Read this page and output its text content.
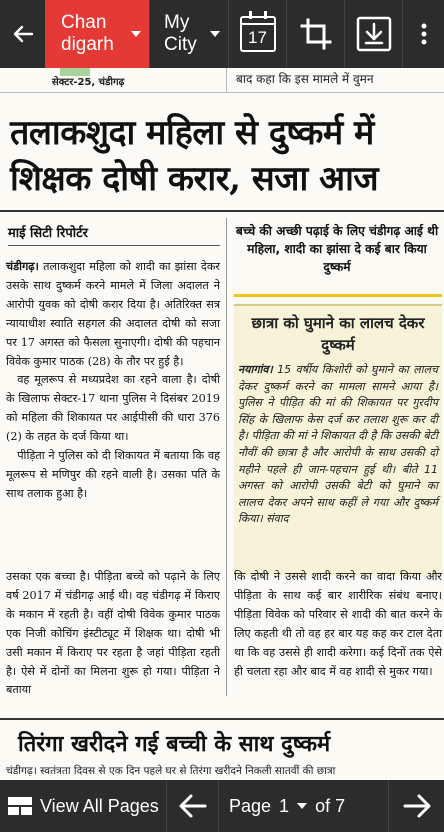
Chan
digarh
My
City	17
सेक्टर-25, चंडीगढ़	बाद कहा कि इस मामले में वुमन
तलाकशुदा महिला से दुष्कर्म में शिक्षक दोषी करार, सजा आज
माई सिटी रिपोर्टर

चंडीगढ़। तलाकशुदा महिला को शादी का झांसा देकर उसके साथ दुष्कर्म करने मामले में जिला अदालत ने आरोपी युवक को दोषी करार दिया है। अतिरिक्त सत्र न्यायाधीश स्वाति सहगल की अदालत दोषी को सजा पर 17 अगस्त को फैसला सुनाएगी। दोषी की पहचान विवेक कुमार पाठक (28) के तौर पर हुई है।

 वह मूलरूप से मध्यप्रदेश का रहने वाला है। दोषी के खिलाफ सेक्टर-17 थाना पुलिस ने दिसंबर 2019 को महिला की शिकायत पर आईपीसी की धारा 376 (2) के तहत के दर्ज किया था।

 पीड़िता ने पुलिस को दी शिकायत में बताया कि वह मूलरूप से मणिपुर की रहने वाली है। उसका पति के साथ तलाक हुआ है।

बच्चे की अच्छी पढ़ाई के लिए चंडीगढ़ आई थी महिला, शादी का झांसा दे कई बार किया दुष्कर्म
छात्रा को घुमाने का लालच देकर दुष्कर्म
नयागांव। 15 वर्षीय किशोरी को घुमाने का लालच देकर दुष्कर्म करने का मामला सामने आया है। पुलिस ने पीड़ित की मां की शिकायत पर गुरदीप सिंह के खिलाफ केस दर्ज कर तलाश शुरू कर दी है। पीड़िता की मां ने शिकायत दी है कि उसकी बेटी नौवीं की छात्रा है और आरोपी के साथ उसकी दो महीने पहले ही जान-पहचान हुई थी। बीते 11 अगस्त को आरोपी उसकी बेटी को घुमाने का लालच देकर अपने साथ कहीं ले गया और दुष्कर्म किया। संवाद
उसका एक बच्चा है। पीड़िता बच्चे को पढ़ाने के लिए वर्ष 2017 में चंडीगढ़ आई थी। वह चंडीगढ़ में किराए के मकान में रहती है। वहीं दोषी विवेक कुमार पाठक एक निजी कोचिंग इंस्टीट्यूट में शिक्षक था। दोषी भी उसी मकान में किराए पर रहता है जहां पीड़िता रहती है। ऐसे में दोनों का मिलना शुरू हो गया। पीड़िता ने बताया
कि दोषी ने उससे शादी करने का वादा किया और पीड़िता के साथ कई बार शारीरिक संबंध बनाए। पीड़िता विवेक को परिवार से शादी की बात करने के लिए कहती थी तो वह हर बार यह कह कर टाल देता था कि वह उससे ही शादी करेगा। कई दिनों तक ऐसे ही चलता रहा और बाद में वह शादी से मुकर गया।
तिरंगा खरीदने गई बच्ची के साथ दुष्कर्म
चंडीगढ़। स्वतंत्रता दिवस से एक दिन पहले घर से तिरंगा खरीदने निकली सातवीं की छात्रा
View All Pages	Page 1 of 7
